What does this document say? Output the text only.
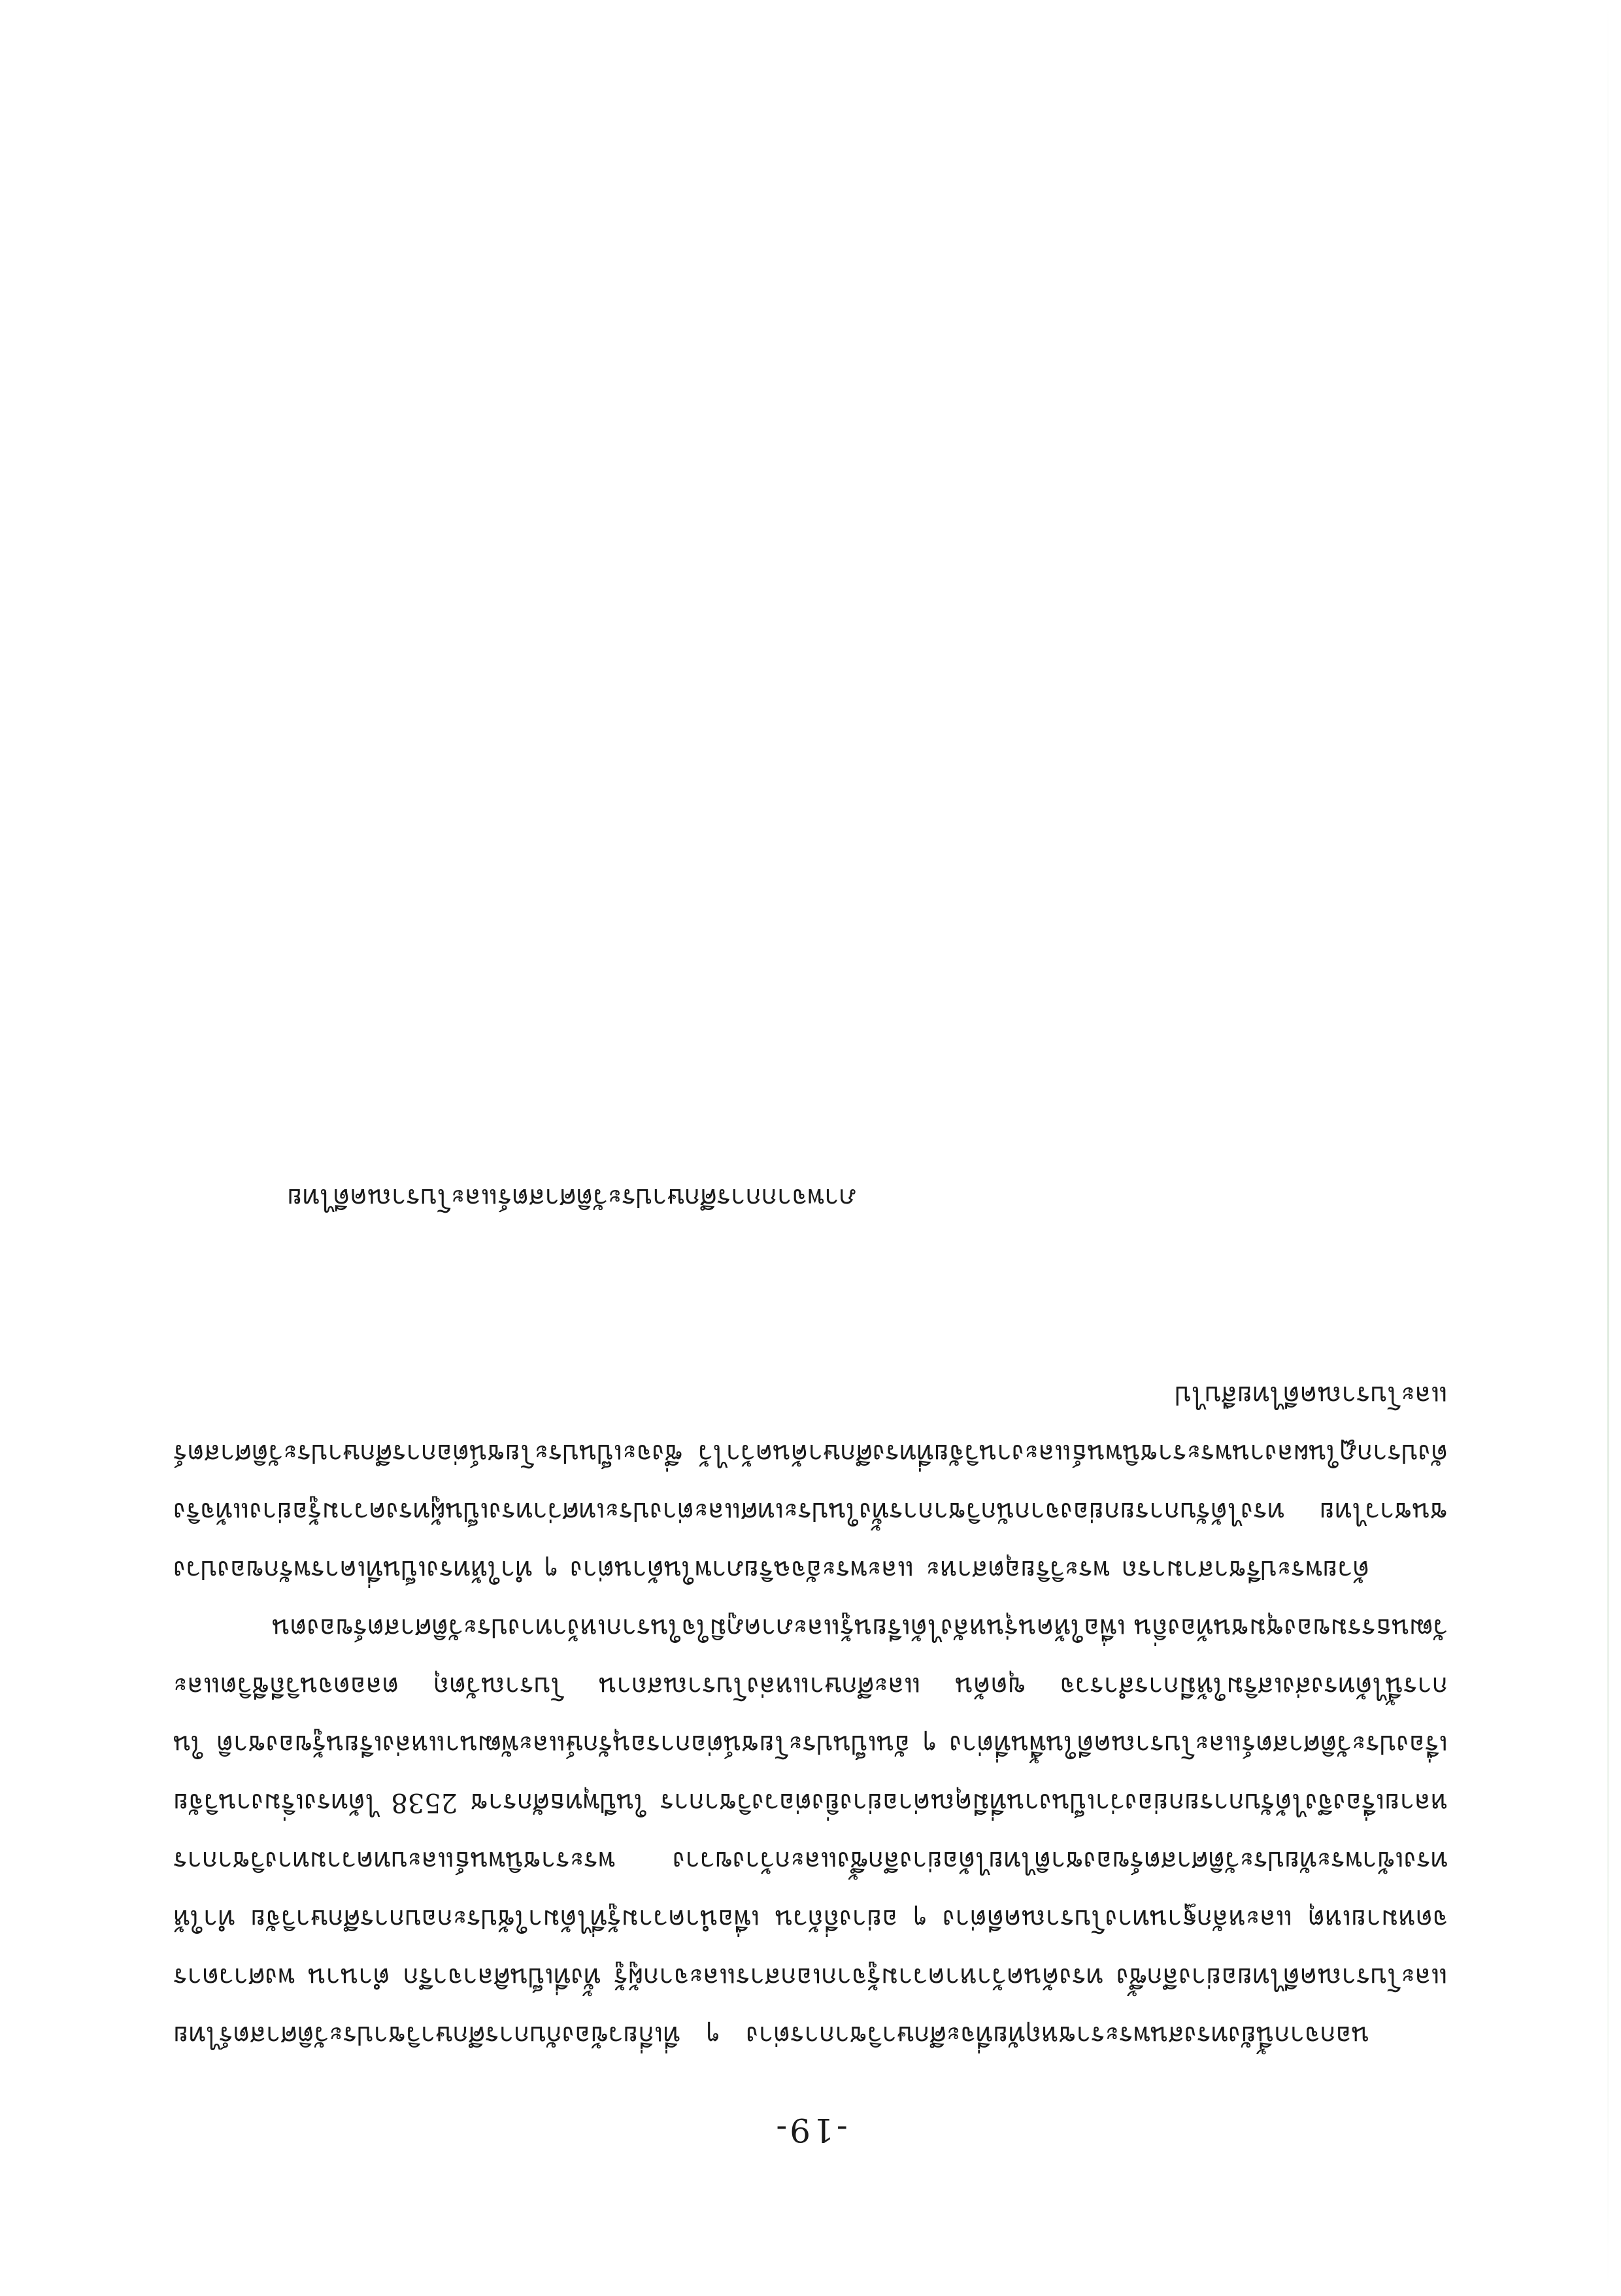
-19-

นอกจากนี้ยังทรงสนพระราชหฤทัยที่จะศึกษาวิชาการต่าง ๆ ที่เกี่ยวข้องกับการศึกษาวิชาประวัติศาสตร์ไทยและโบราณคดีไทยอย่างลึกซึ้ง ทรงค้นคว้าหาความรู้จากเอกสารและจากผู้รู้ ทั้งที่เป็นศิลาจารึก ตำนาน พงศาวดาร จดหมายเหตุ และหลักฐานทางโบราณคดีต่าง ๆ อย่างถี่ถ้วน เพื่อนำความรู้ที่ได้มาใช้ประกอบการศึกษาวิจัย ทำให้ทรงเข้าพระทัยประวัติศาสตร์ของชาติไทยได้อย่างลึกซึ้งและกว้างขวาง พระราชนิพนธ์และบทความทางวิชาการหลายเรื่องจึงได้รับการยกย่องว่าเป็นงานที่มีคุณค่าอย่างยิ่งต่อวงวิชาการ ในปีพุทธศักราช 2538 ได้ทรงเริ่มงานวิจัยเรื่องประวัติศาสตร์และโบราณคดีในพื้นที่ต่าง ๆ อันเป็นประโยชน์ต่อการอนุรักษ์และพัฒนาแหล่งเรียนรู้ของชาติ ในการนี้ได้ทรงส่งเสริมให้มีการสำรวจ ขุดค้น และศึกษาแหล่งโบราณสถาน โบราณวัตถุ ตลอดจนวิถีชีวิตและวัฒนธรรมของชุมชนท้องถิ่น เพื่อให้คนรุ่นหลังได้เรียนรู้และภาคภูมิใจในรากเหง้าทางประวัติศาสตร์ของตน

ด้วยพระปรีชาสามารถ พระวิริยอุตสาหะ และพระอัจฉริยภาพในด้านต่าง ๆ ทำให้ทรงเป็นที่เคารพรักของปวงชนชาวไทย ทรงได้รับการยกย่องจากนักวิชาการทั้งในประเทศและต่างประเทศว่าทรงเป็นผู้ทรงความรู้อย่างแท้จริง ดังปรากฏในผลงานพระราชนิพนธ์และงานวิจัยที่ทรงศึกษาค้นคว้าไว้ ซึ่งจะเป็นประโยชน์ต่อการศึกษาประวัติศาสตร์และโบราณคดีไทยสืบไป

ภาพจากการศึกษาประวัติศาสตร์และโบราณคดีไทย
